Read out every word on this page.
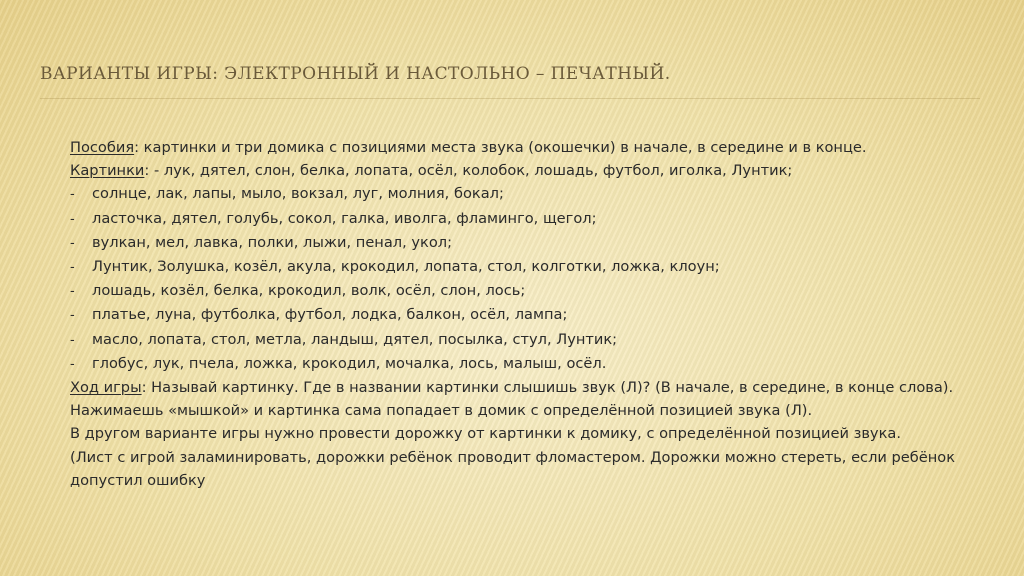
ВАРИАНТЫ ИГРЫ: ЭЛЕКТРОННЫЙ И НАСТОЛЬНО – ПЕЧАТНЫЙ.
Пособия: картинки и три домика с позициями места звука (окошечки) в начале, в середине и в конце.
Картинки: - лук, дятел, слон, белка, лопата, осёл, колобок, лошадь, футбол, иголка, Лунтик;
-	солнце, лак, лапы, мыло, вокзал, луг, молния, бокал;
-	ласточка, дятел, голубь, сокол, галка, иволга, фламинго, щегол;
-	вулкан, мел, лавка, полки, лыжи, пенал, укол;
-	Лунтик, Золушка, козёл, акула, крокодил, лопата, стол, колготки, ложка, клоун;
-	лошадь, козёл, белка, крокодил, волк, осёл, слон, лось;
-	платье, луна, футболка, футбол, лодка, балкон, осёл, лампа;
-	масло, лопата, стол, метла, ландыш, дятел, посылка, стул, Лунтик;
-	глобус, лук, пчела, ложка, крокодил, мочалка, лось, малыш, осёл.
Ход игры: Называй картинку. Где в названии картинки слышишь звук (Л)? (В начале, в середине, в конце слова).
Нажимаешь «мышкой» и картинка сама попадает в домик с определённой позицией звука (Л).
В другом варианте игры нужно провести дорожку от картинки к домику, с определённой позицией звука.
(Лист с игрой заламинировать, дорожки ребёнок проводит фломастером. Дорожки можно стереть, если ребёнок
допустил ошибку
